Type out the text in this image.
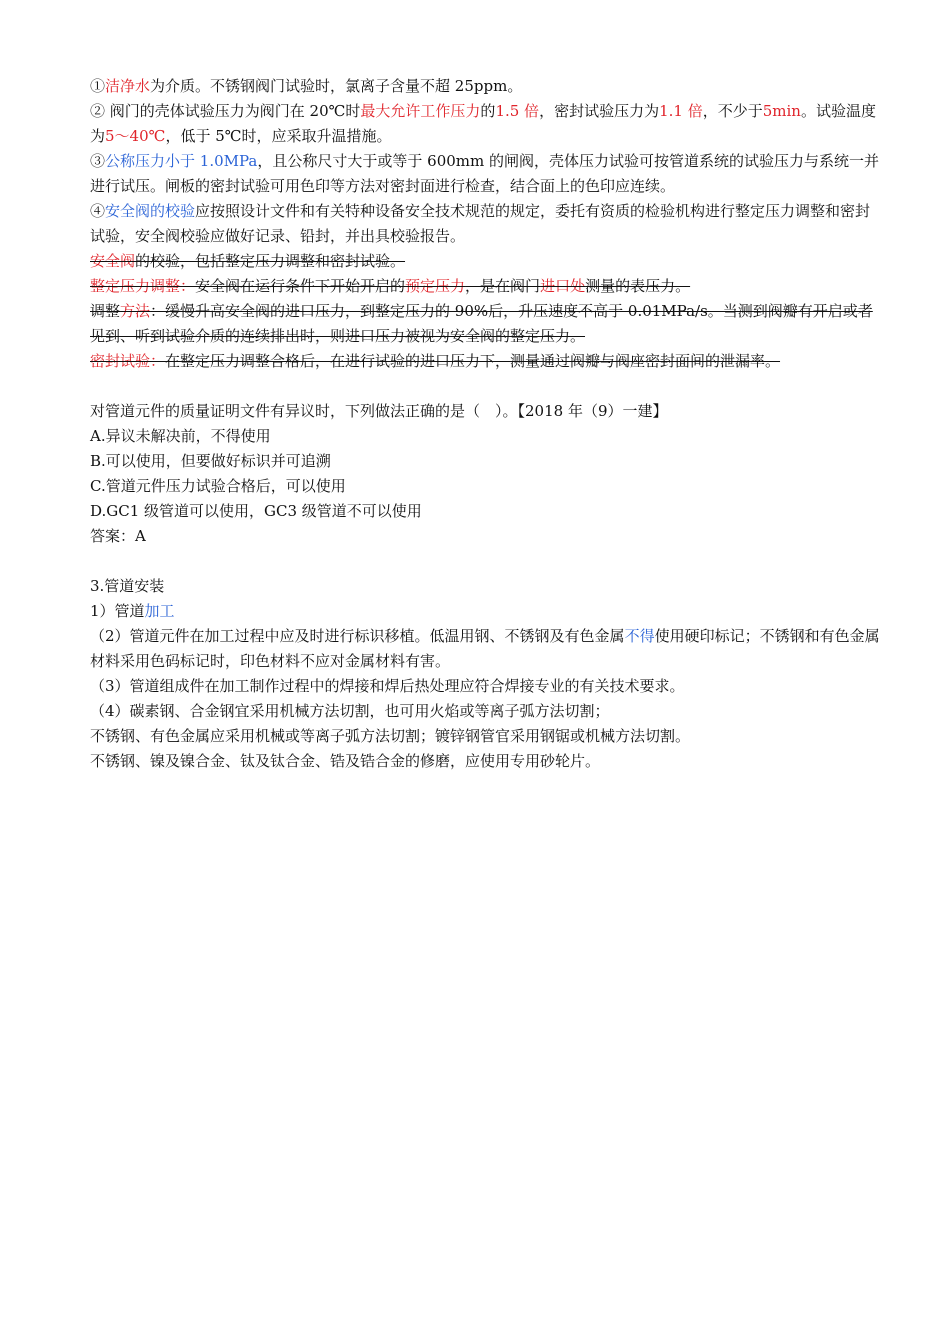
①洁净水为介质。不锈钢阀门试验时，氯离子含量不超 25ppm。

② 阀门的壳体试验压力为阀门在 20℃时最大允许工作压力的1.5 倍，密封试验压力为1.1 倍，不少于5min。试验温度为5～40℃，低于 5℃时，应采取升温措施。

③公称压力小于 1.0MPa，且公称尺寸大于或等于 600mm 的闸阀，壳体压力试验可按管道系统的试验压力与系统一并进行试压。闸板的密封试验可用色印等方法对密封面进行检查，结合面上的色印应连续。

④安全阀的校验应按照设计文件和有关特种设备安全技术规范的规定，委托有资质的检验机构进行整定压力调整和密封试验，安全阀校验应做好记录、铅封，并出具校验报告。

安全阀的校验，包括整定压力调整和密封试验。

整定压力调整：安全阀在运行条件下开始开启的预定压力，是在阀门进口处测量的表压力。

调整方法：缓慢升高安全阀的进口压力，到整定压力的 90%后，升压速度不高于 0.01MPa/s。当测到阀瓣有开启或者见到、听到试验介质的连续排出时，则进口压力被视为安全阀的整定压力。

密封试验：在整定压力调整合格后，在进行试验的进口压力下，测量通过阀瓣与阀座密封面间的泄漏率。

对管道元件的质量证明文件有异议时，下列做法正确的是（　）。【2018 年（9）一建】

A.异议未解决前，不得使用

B.可以使用，但要做好标识并可追溯

C.管道元件压力试验合格后，可以使用

D.GC1 级管道可以使用，GC3 级管道不可以使用

答案：A

3.管道安装

1）管道加工

（2）管道元件在加工过程中应及时进行标识移植。低温用钢、不锈钢及有色金属不得使用硬印标记；不锈钢和有色金属材料采用色码标记时，印色材料不应对金属材料有害。

（3）管道组成件在加工制作过程中的焊接和焊后热处理应符合焊接专业的有关技术要求。

（4）碳素钢、合金钢宜采用机械方法切割，也可用火焰或等离子弧方法切割；

不锈钢、有色金属应采用机械或等离子弧方法切割；镀锌钢管官采用钢锯或机械方法切割。

不锈钢、镍及镍合金、钛及钛合金、锆及锆合金的修磨，应使用专用砂轮片。
